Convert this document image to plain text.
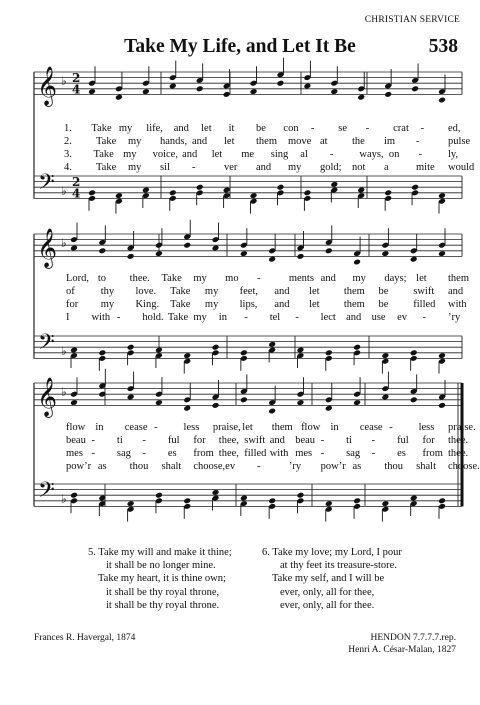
CHRISTIAN SERVICE
Take My Life, and Let It Be	538
𝄞
𝄢
♭
♭
2
4
2
4
𝄞
𝄢
♭
♭
𝄞
𝄢
♭
♭
1. Take my life, and let it be con - se - crat - ed,
2. Take my hands, and let them move at the im -	pulse
3. Take my voice, and let me sing al - ways, on - ly,
4. Take my sil -	ver and my gold; not a	mite would
Lord, to thee. Take my mo -	ments and my days; let them
of thy love. Take my feet, and let them be swift and
for my King. Take my lips, and let them be filled with
I with - hold. Take my in - tel - lect and use ev - ’ry
flow in cease - less praise, let them flow in cease - less praise.
beau - ti - ful for thee, swift and beau - ti - ful for thee.
mes - sag - es from thee, filled with mes - sag - es from thee.
pow’r as thou shalt choose, ev -	’ry pow’r as thou shalt choose.
5. Take my will and make it thine;
it shall be no longer mine.
Take my heart, it is thine own;
it shall be thy royal throne,
it shall be thy royal throne.
6. Take my love; my Lord, I pour
at thy feet its treasure-store.
Take my self, and I will be
ever, only, all for thee,
ever, only, all for thee.
Frances R. Havergal, 1874	HENDON 7.7.7.7.rep.
Henri A. César-Malan, 1827
